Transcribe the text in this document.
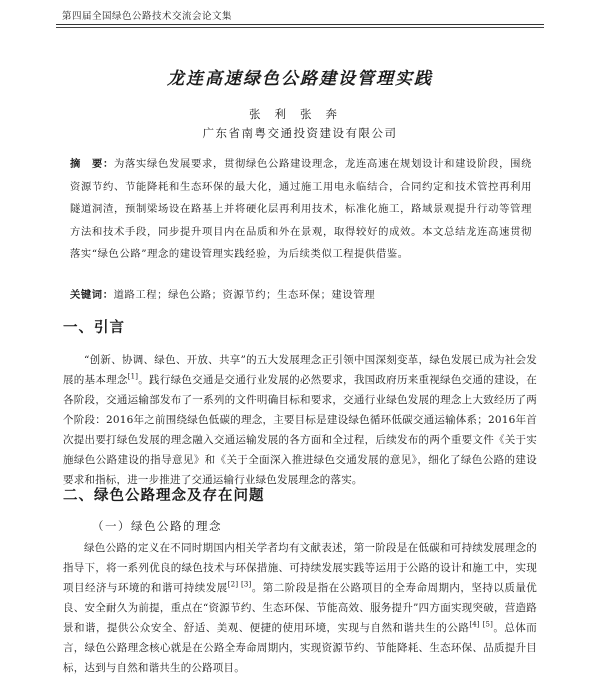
第四届全国绿色公路技术交流会论文集
龙连高速绿色公路建设管理实践
张利张奔
广东省南粤交通投资建设有限公司
摘　要：为落实绿色发展要求，贯彻绿色公路建设理念，龙连高速在规划设计和建设阶段，围绕资源节约、节能降耗和生态环保的最大化，通过施工用电永临结合，合同约定和技术管控再利用隧道洞渣，预制梁场设在路基上并将硬化层再利用技术，标准化施工，路域景观提升行动等管理方法和技术手段，同步提升项目内在品质和外在景观，取得较好的成效。本文总结龙连高速贯彻落实“绿色公路”理念的建设管理实践经验，为后续类似工程提供借鉴。
关键词：道路工程；绿色公路；资源节约；生态环保；建设管理
一、引言
“创新、协调、绿色、开放、共享”的五大发展理念正引领中国深刻变革，绿色发展已成为社会发展的基本理念[1]。践行绿色交通是交通行业发展的必然要求，我国政府历来重视绿色交通的建设，在各阶段，交通运输部发布了一系列的文件明确目标和要求，交通行业绿色发展的理念上大致经历了两个阶段：2016年之前围绕绿色低碳的理念，主要目标是建设绿色循环低碳交通运输体系；2016年首次提出要打绿色发展的理念融入交通运输发展的各方面和全过程，后续发布的两个重要文件《关于实施绿色公路建设的指导意见》和《关于全面深入推进绿色交通发展的意见》，细化了绿色公路的建设要求和指标，进一步推进了交通运输行业绿色发展理念的落实。
二、绿色公路理念及存在问题
（一）绿色公路的理念
绿色公路的定义在不同时期国内相关学者均有文献表述，第一阶段是在低碳和可持续发展理念的指导下，将一系列优良的绿色技术与环保措施、可持续发展实践等运用于公路的设计和施工中，实现项目经济与环境的和谐可持续发展[2] [3]。第二阶段是指在公路项目的全寿命周期内，坚持以质量优良、安全耐久为前提，重点在“资源节约、生态环保、节能高效、服务提升”四方面实现突破，营造路景和谐，提供公众安全、舒适、美观、便捷的使用环境，实现与自然和谐共生的公路[4] [5]。总体而言，绿色公路理念核心就是在公路全寿命周期内，实现资源节约、节能降耗、生态环保、品质提升目标，达到与自然和谐共生的公路项目。
